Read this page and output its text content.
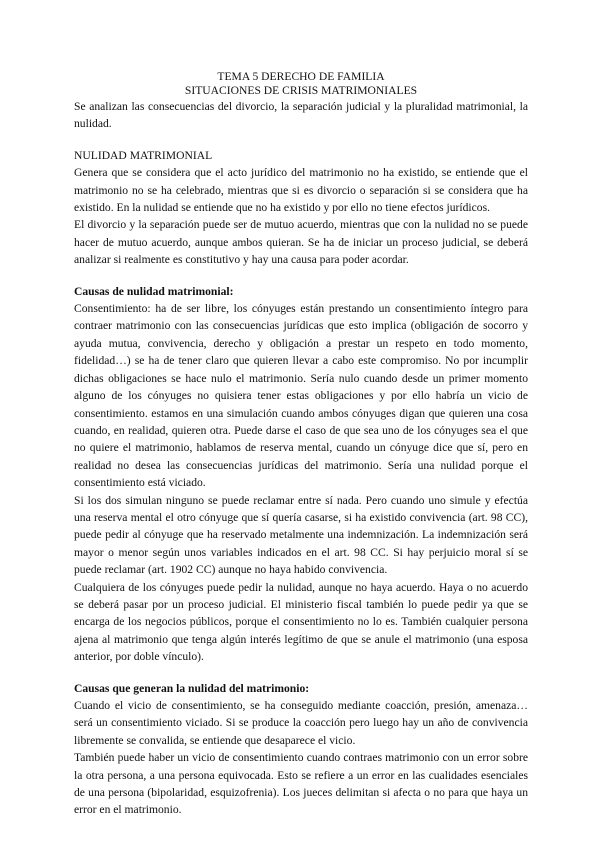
TEMA 5 DERECHO DE FAMILIA

SITUACIONES DE CRISIS MATRIMONIALES

Se analizan las consecuencias del divorcio, la separación judicial y la pluralidad matrimonial, la nulidad.

NULIDAD MATRIMONIAL

Genera que se considera que el acto jurídico del matrimonio no ha existido, se entiende que el matrimonio no se ha celebrado, mientras que si es divorcio o separación si se considera que ha existido. En la nulidad se entiende que no ha existido y por ello no tiene efectos jurídicos.

El divorcio y la separación puede ser de mutuo acuerdo, mientras que con la nulidad no se puede hacer de mutuo acuerdo, aunque ambos quieran. Se ha de iniciar un proceso judicial, se deberá analizar si realmente es constitutivo y hay una causa para poder acordar.

Causas de nulidad matrimonial:

Consentimiento: ha de ser libre, los cónyuges están prestando un consentimiento íntegro para contraer matrimonio con las consecuencias jurídicas que esto implica (obligación de socorro y ayuda mutua, convivencia, derecho y obligación a prestar un respeto en todo momento, fidelidad…) se ha de tener claro que quieren llevar a cabo este compromiso. No por incumplir dichas obligaciones se hace nulo el matrimonio. Sería nulo cuando desde un primer momento alguno de los cónyuges no quisiera tener estas obligaciones y por ello habría un vicio de consentimiento. estamos en una simulación cuando ambos cónyuges digan que quieren una cosa cuando, en realidad, quieren otra. Puede darse el caso de que sea uno de los cónyuges sea el que no quiere el matrimonio, hablamos de reserva mental, cuando un cónyuge dice que sí, pero en realidad no desea las consecuencias jurídicas del matrimonio. Sería una nulidad porque el consentimiento está viciado.

Si los dos simulan ninguno se puede reclamar entre sí nada. Pero cuando uno simule y efectúa una reserva mental el otro cónyuge que sí quería casarse, si ha existido convivencia (art. 98 CC), puede pedir al cónyuge que ha reservado metalmente una indemnización. La indemnización será mayor o menor según unos variables indicados en el art. 98 CC. Si hay perjuicio moral sí se puede reclamar (art. 1902 CC) aunque no haya habido convivencia.

Cualquiera de los cónyuges puede pedir la nulidad, aunque no haya acuerdo. Haya o no acuerdo se deberá pasar por un proceso judicial. El ministerio fiscal también lo puede pedir ya que se encarga de los negocios públicos, porque el consentimiento no lo es. También cualquier persona ajena al matrimonio que tenga algún interés legítimo de que se anule el matrimonio (una esposa anterior, por doble vínculo).

Causas que generan la nulidad del matrimonio:

Cuando el vicio de consentimiento, se ha conseguido mediante coacción, presión, amenaza… será un consentimiento viciado. Si se produce la coacción pero luego hay un año de convivencia libremente se convalida, se entiende que desaparece el vicio.

También puede haber un vicio de consentimiento cuando contraes matrimonio con un error sobre la otra persona, a una persona equivocada. Esto se refiere a un error en las cualidades esenciales de una persona (bipolaridad, esquizofrenia). Los jueces delimitan si afecta o no para que haya un error en el matrimonio.
